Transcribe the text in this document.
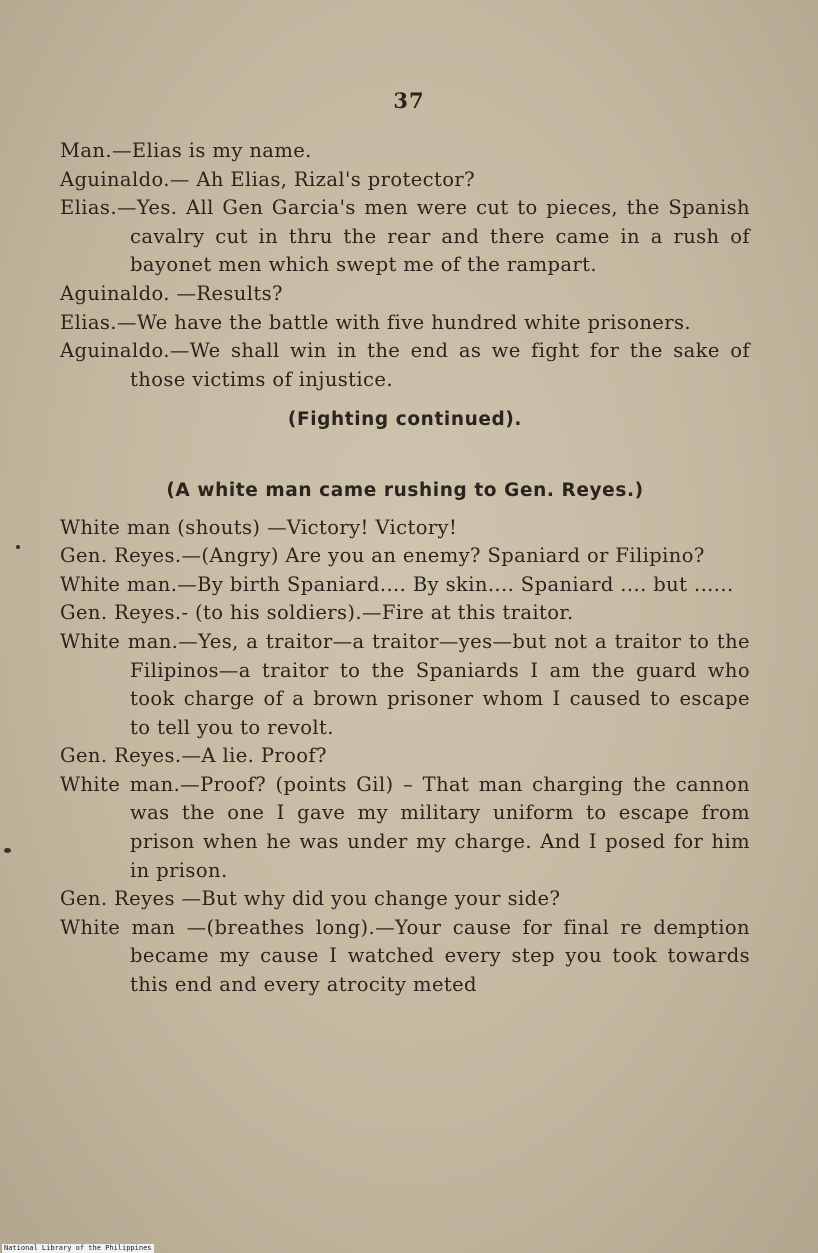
37

Man.—Elias is my name.

Aguinaldo.— Ah Elias, Rizal's protector?

Elias.—Yes. All Gen Garcia's men were cut to pieces, the Spanish cavalry cut in thru the rear and there came in a rush of bayonet men which swept me of the rampart.

Aguinaldo. —Results?

Elias.—We have the battle with five hundred white prisoners.

Aguinaldo.—We shall win in the end as we fight for the sake of those victims of injustice.

(Fighting continued).

(A white man came rushing to Gen. Reyes.)

White man (shouts) —Victory! Victory!

Gen. Reyes.—(Angry) Are you an enemy? Spaniard or Filipino?

White man.—By birth Spaniard.... By skin.... Spaniard .... but ......

Gen. Reyes.- (to his soldiers).—Fire at this traitor.

White man.—Yes, a traitor—a traitor—yes—but not a traitor to the Filipinos—a traitor to the Spaniards I am the guard who took charge of a brown prisoner whom I caused to escape to tell you to revolt.

Gen. Reyes.—A lie. Proof?

White man.—Proof? (points Gil) – That man charging the cannon was the one I gave my military uniform to escape from prison when he was under my charge. And I posed for him in prison.

Gen. Reyes —But why did you change your side?

White man —(breathes long).—Your cause for final re demption became my cause I watched every step you took towards this end and every atrocity meted

National Library of the Philippines
